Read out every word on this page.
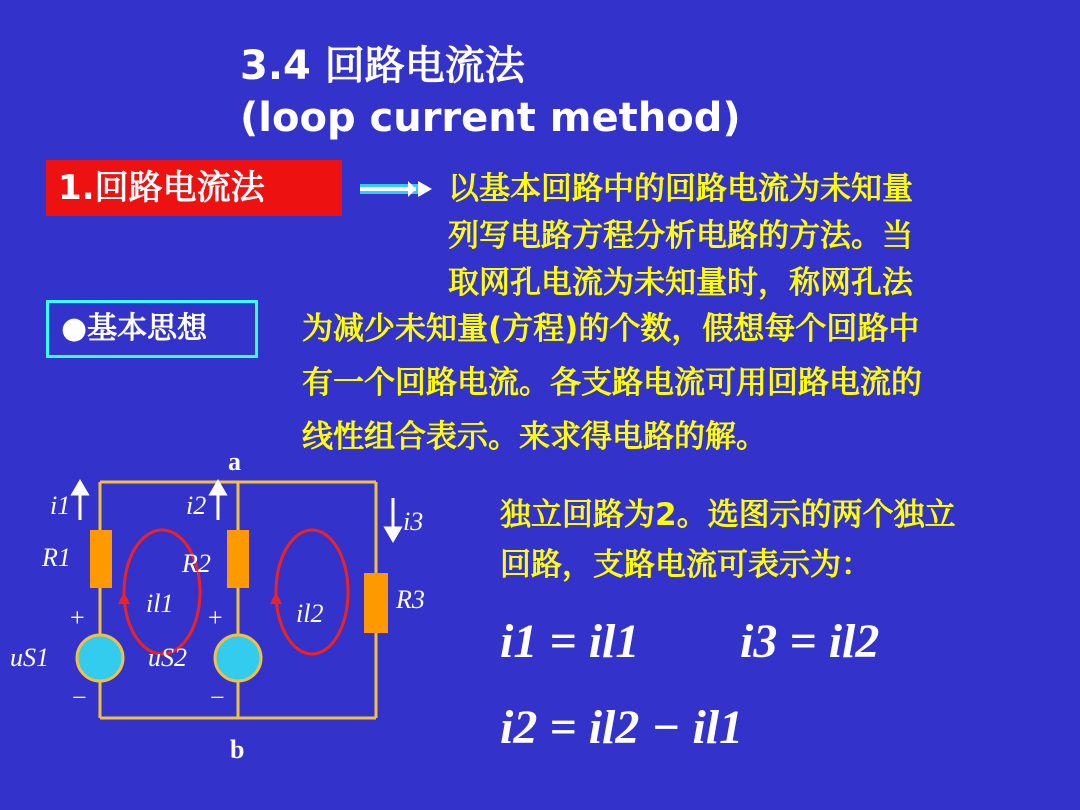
3.4 回路电流法
(loop current method)
1.回路电流法	以基本回路中的回路电流为未知量
列写电路方程分析电路的方法。当
取网孔电流为未知量时，称网孔法
●基本思想	为减少未知量(方程)的个数，假想每个回路中
有一个回路电流。各支路电流可用回路电流的
线性组合表示。来求得电路的解。
a
b
R1	R2
R3
i1	i2
i3
il1	il2
uS1	uS2
+	+
−	−
独立回路为2。选图示的两个独立
回路，支路电流可表示为：
i1 = il1 i3 = il2
i2 = il2 − il1
